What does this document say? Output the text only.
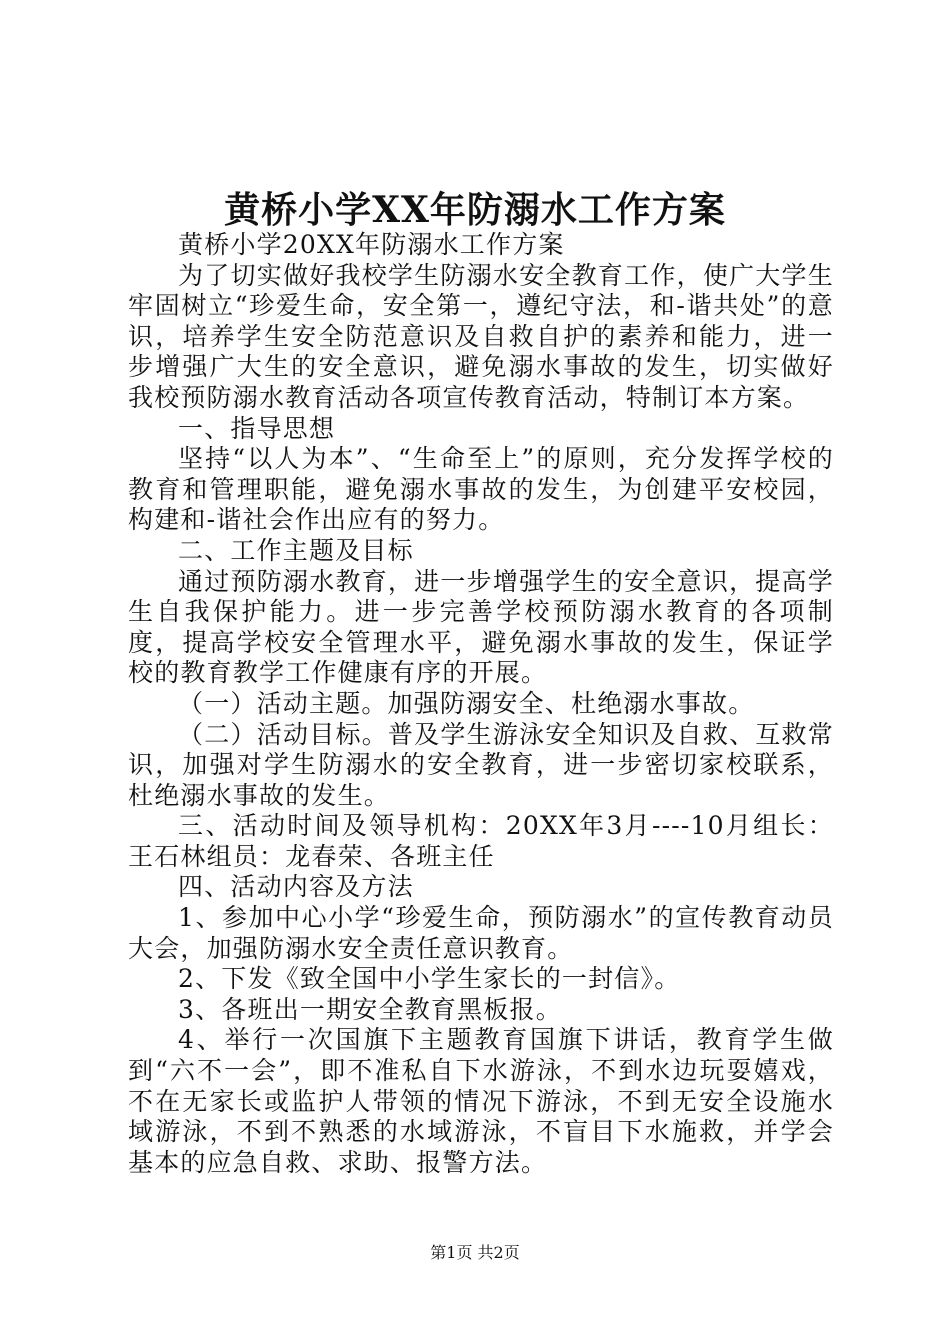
黄桥小学XX年防溺水工作方案

黄桥小学20XX年防溺水工作方案

为了切实做好我校学生防溺水安全教育工作，使广大学生牢固树立“珍爱生命，安全第一，遵纪守法，和-谐共处”的意识，培养学生安全防范意识及自救自护的素养和能力，进一步增强广大生的安全意识，避免溺水事故的发生，切实做好我校预防溺水教育活动各项宣传教育活动，特制订本方案。

一、指导思想

坚持“以人为本”、“生命至上”的原则，充分发挥学校的教育和管理职能，避免溺水事故的发生，为创建平安校园，构建和-谐社会作出应有的努力。

二、工作主题及目标

通过预防溺水教育，进一步增强学生的安全意识，提高学生自我保护能力。进一步完善学校预防溺水教育的各项制度，提高学校安全管理水平，避免溺水事故的发生，保证学校的教育教学工作健康有序的开展。

（一）活动主题。加强防溺安全、杜绝溺水事故。

（二）活动目标。普及学生游泳安全知识及自救、互救常识，加强对学生防溺水的安全教育，进一步密切家校联系，杜绝溺水事故的发生。

三、活动时间及领导机构：20XX年3月----10月组长：王石林组员：龙春荣、各班主任

四、活动内容及方法

1、参加中心小学“珍爱生命，预防溺水”的宣传教育动员大会，加强防溺水安全责任意识教育。

2、下发《致全国中小学生家长的一封信》。

3、各班出一期安全教育黑板报。

4、举行一次国旗下主题教育国旗下讲话，教育学生做到“六不一会”，即不准私自下水游泳，不到水边玩耍嬉戏，不在无家长或监护人带领的情况下游泳，不到无安全设施水域游泳，不到不熟悉的水域游泳，不盲目下水施救，并学会基本的应急自救、求助、报警方法。

第1页 共2页
